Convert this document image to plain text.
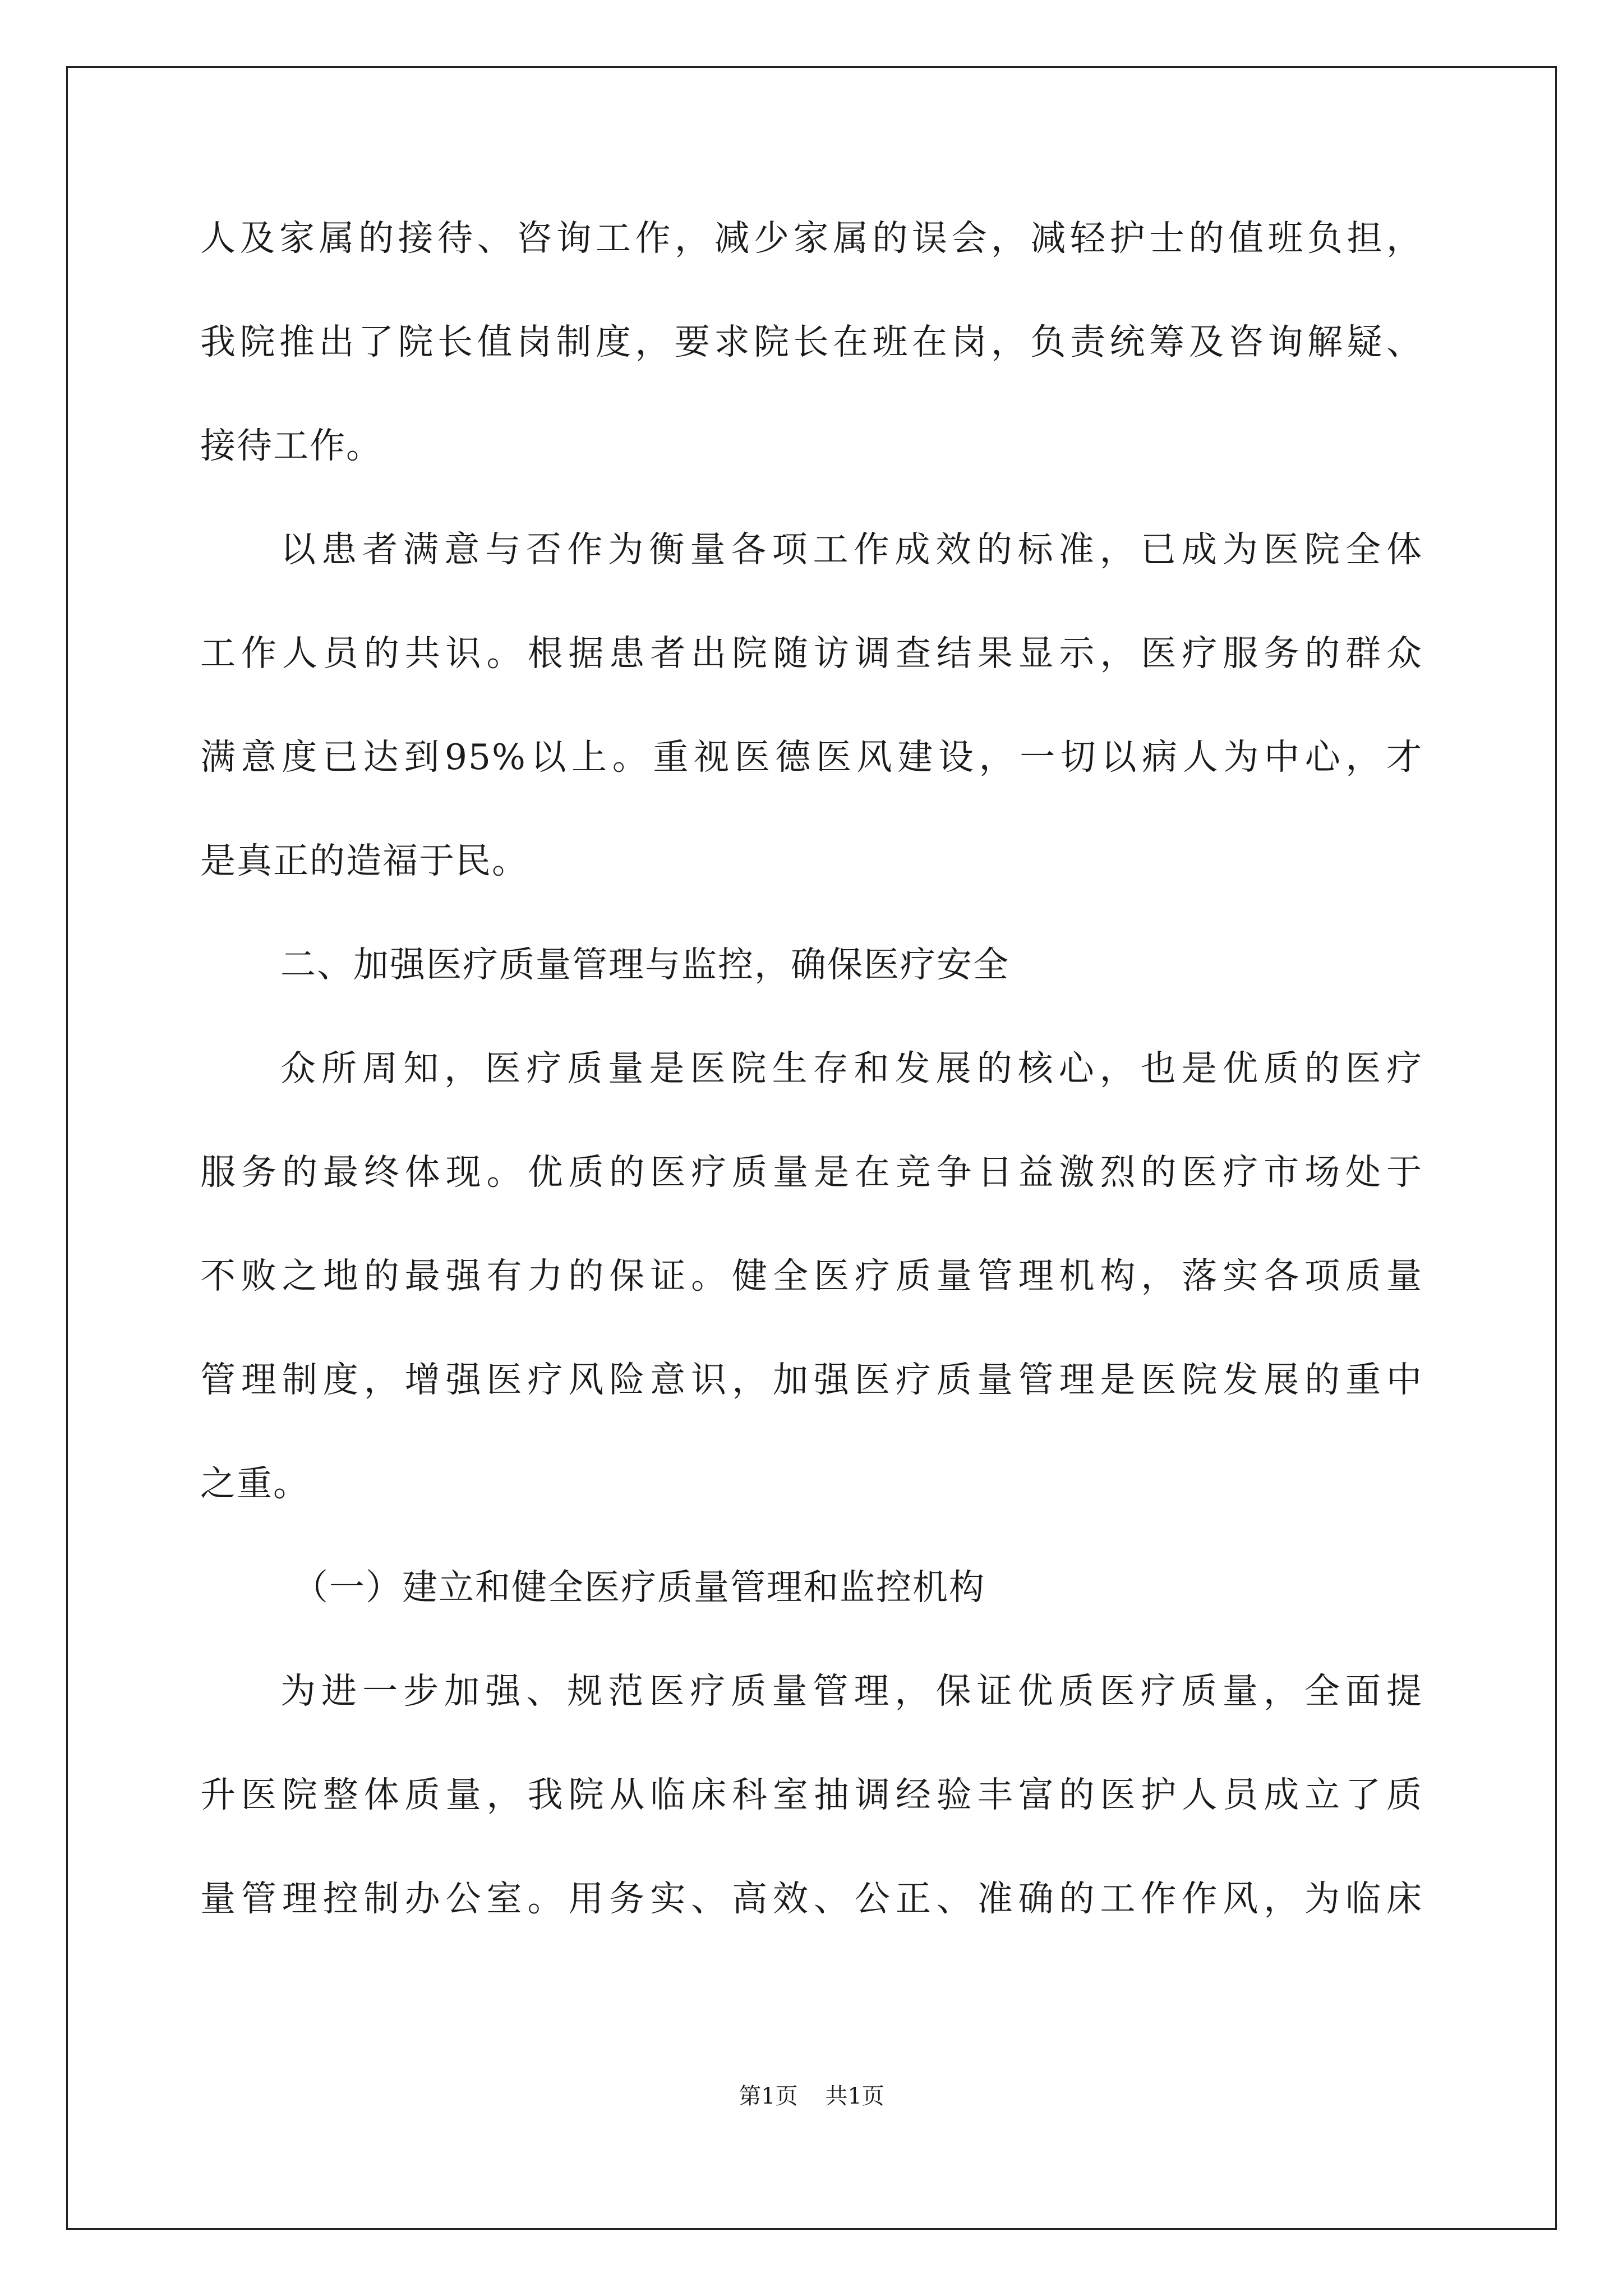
人及家属的接待、咨询工作，减少家属的误会，减轻护士的值班负担，

我院推出了院长值岗制度，要求院长在班在岗，负责统筹及咨询解疑、

接待工作。

以患者满意与否作为衡量各项工作成效的标准，已成为医院全体

工作人员的共识。根据患者出院随访调查结果显示，医疗服务的群众

满意度已达到95%以上。重视医德医风建设，一切以病人为中心，才

是真正的造福于民。

二、加强医疗质量管理与监控，确保医疗安全

众所周知，医疗质量是医院生存和发展的核心，也是优质的医疗

服务的最终体现。优质的医疗质量是在竞争日益激烈的医疗市场处于

不败之地的最强有力的保证。健全医疗质量管理机构，落实各项质量

管理制度，增强医疗风险意识，加强医疗质量管理是医院发展的重中

之重。

（一）建立和健全医疗质量管理和监控机构

为进一步加强、规范医疗质量管理，保证优质医疗质量，全面提

升医院整体质量，我院从临床科室抽调经验丰富的医护人员成立了质

量管理控制办公室。用务实、高效、公正、准确的工作作风，为临床

第1页 共1页
